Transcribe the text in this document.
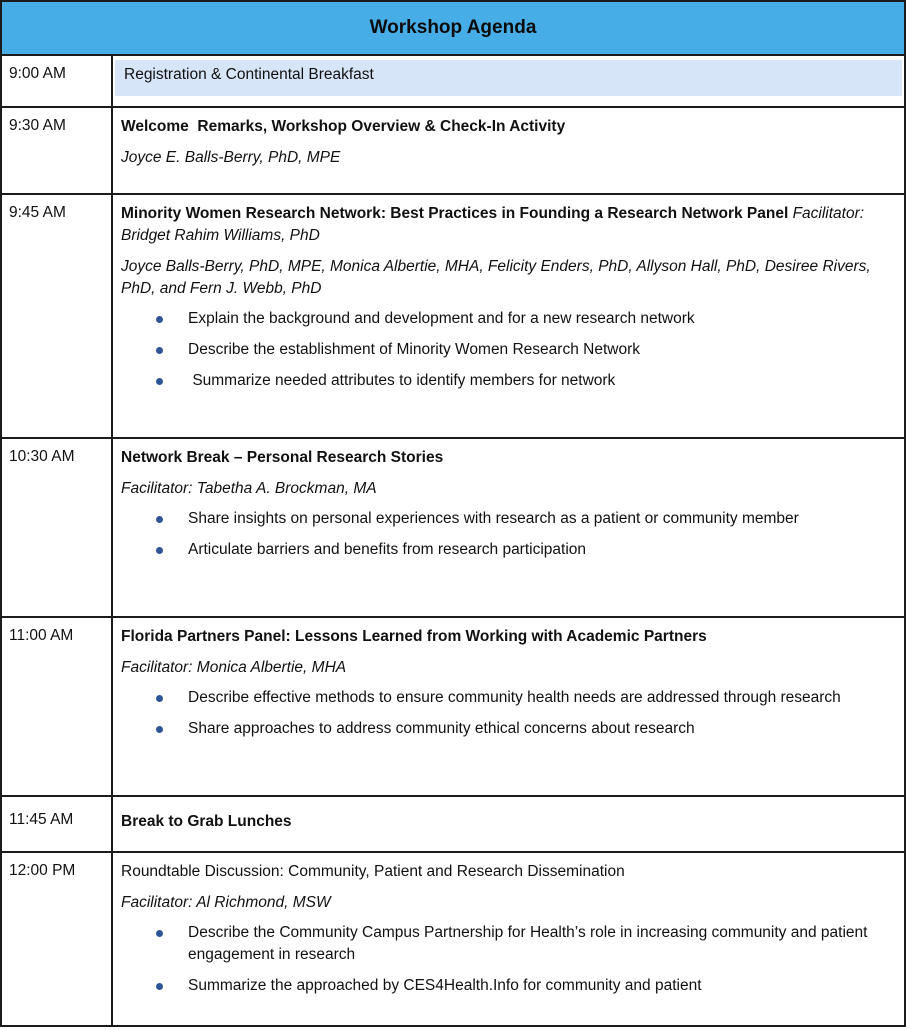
Workshop Agenda
9:00 AM	Registration & Continental Breakfast
9:30 AM	Welcome  Remarks, Workshop Overview & Check-In Activity
Joyce E. Balls-Berry, PhD, MPE
9:45 AM	Minority Women Research Network: Best Practices in Founding a Research Network Panel Facilitator: Bridget Rahim Williams, PhD
Joyce Balls-Berry, PhD, MPE, Monica Albertie, MHA, Felicity Enders, PhD, Allyson Hall, PhD, Desiree Rivers, PhD, and Fern J. Webb, PhD
Explain the background and development and for a new research network
Describe the establishment of Minority Women Research Network
Summarize needed attributes to identify members for network
10:30 AM	Network Break – Personal Research Stories
Facilitator: Tabetha A. Brockman, MA
Share insights on personal experiences with research as a patient or community member
Articulate barriers and benefits from research participation
11:00 AM	Florida Partners Panel: Lessons Learned from Working with Academic Partners
Facilitator: Monica Albertie, MHA
Describe effective methods to ensure community health needs are addressed through research
Share approaches to address community ethical concerns about research
11:45 AM	Break to Grab Lunches
12:00 PM	Roundtable Discussion: Community, Patient and Research Dissemination
Facilitator: Al Richmond, MSW
Describe the Community Campus Partnership for Health’s role in increasing community and patient engagement in research
Summarize the approached by CES4Health.Info for community and patient
